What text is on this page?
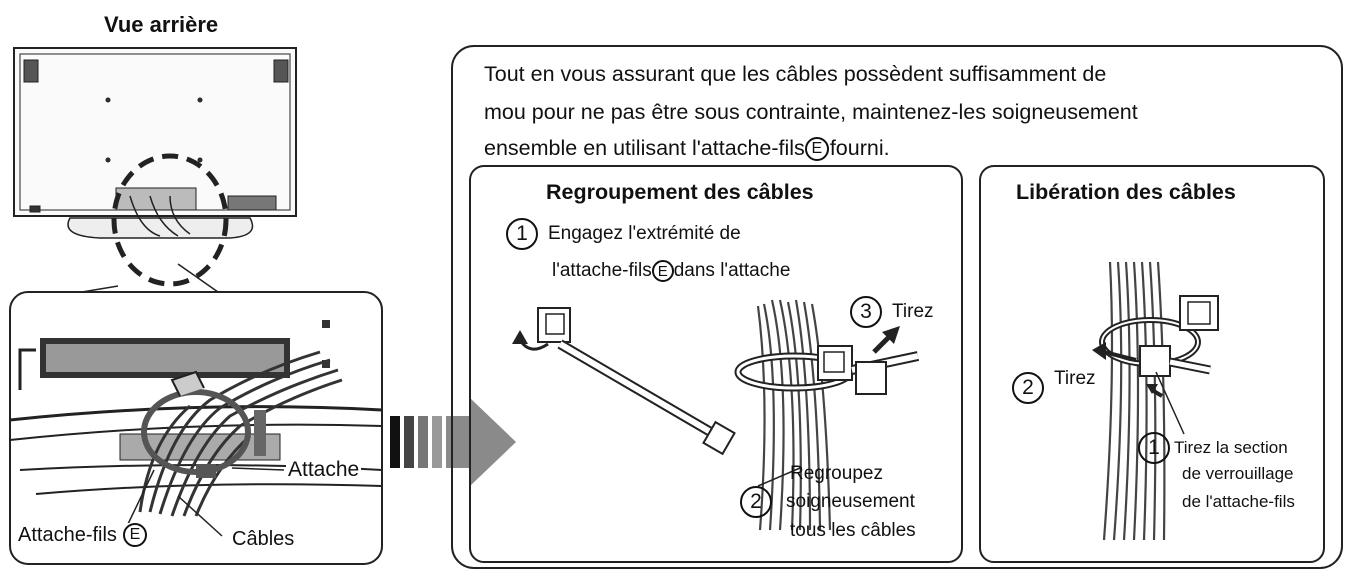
Vue arrière
Attache
Attache-fils E	Câbles
Tout en vous assurant que les câbles possèdent suffisamment de
mou pour ne pas être sous contrainte, maintenez-les soigneusement
ensemble en utilisant l'attache-fils E fourni.
Regroupement des câbles
1	Engagez l'extrémité de
l'attache-fils E dans l'attache
3	Tirez
Regroupez
2	soigneusement
tous les câbles
Libération des câbles
2	Tirez
1 Tirez la section
de verrouillage
de l'attache-fils
